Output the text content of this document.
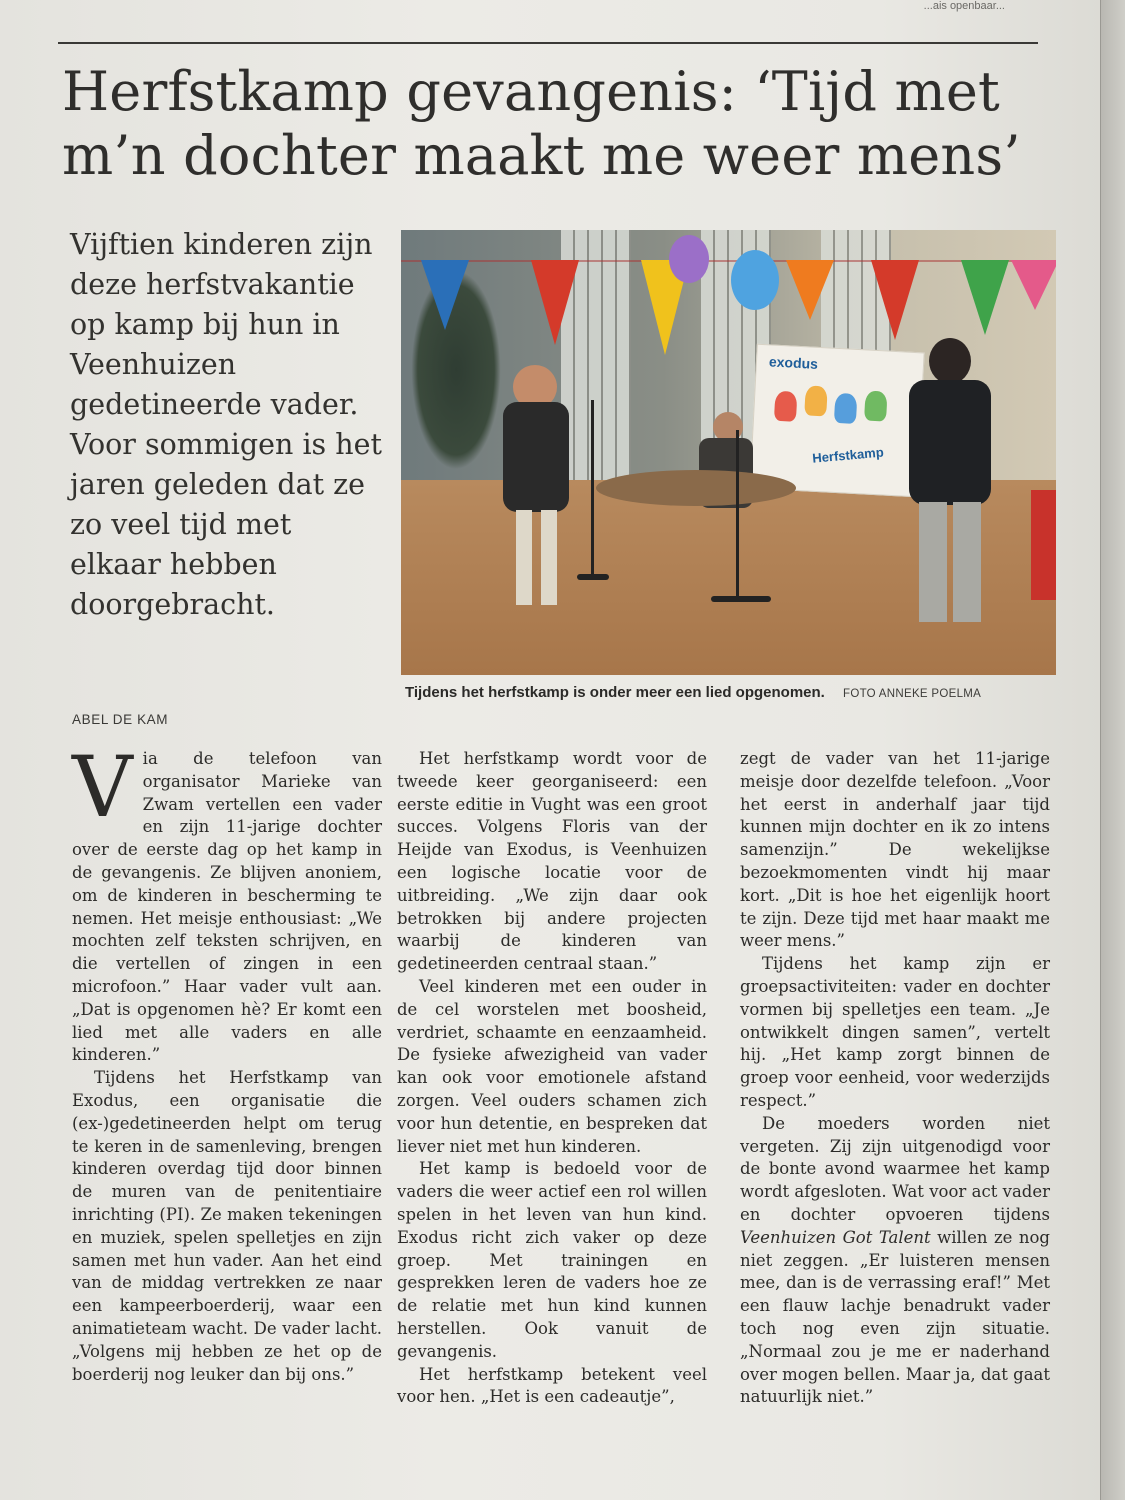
...ais openbaar...
Herfstkamp gevangenis: ‘Tijd met m’n dochter maakt me weer mens’
Vijftien kinderen zijn deze herfstvakantie op kamp bij hun in Veenhuizen gedetineerde vader. Voor sommigen is het jaren geleden dat ze zo veel tijd met elkaar hebben doorgebracht.
exodus
Herfstkamp
Tijdens het herfstkamp is onder meer een lied opgenomen. FOTO ANNEKE POELMA
ABEL DE KAM

Via de telefoon van organisator Marieke van Zwam vertellen een vader en zijn 11-jarige dochter over de eerste dag op het kamp in de gevangenis. Ze blijven anoniem, om de kinderen in bescherming te nemen. Het meisje enthousiast: „We mochten zelf teksten schrijven, en die vertellen of zingen in een microfoon.” Haar vader vult aan. „Dat is opgenomen hè? Er komt een lied met alle vaders en alle kinderen.”

Tijdens het Herfstkamp van Exodus, een organisatie die (ex-)gedetineerden helpt om terug te keren in de samenleving, brengen kinderen overdag tijd door binnen de muren van de penitentiaire inrichting (PI). Ze maken tekeningen en muziek, spelen spelletjes en zijn samen met hun vader. Aan het eind van de middag vertrekken ze naar een kampeerboerderij, waar een animatieteam wacht. De vader lacht. „Volgens mij hebben ze het op de boerderij nog leuker dan bij ons.”

Het herfstkamp wordt voor de tweede keer georganiseerd: een eerste editie in Vught was een groot succes. Volgens Floris van der Heijde van Exodus, is Veenhuizen een logische locatie voor de uitbreiding. „We zijn daar ook betrokken bij andere projecten waarbij de kinderen van gedetineerden centraal staan.”

Veel kinderen met een ouder in de cel worstelen met boosheid, verdriet, schaamte en eenzaamheid. De fysieke afwezigheid van vader kan ook voor emotionele afstand zorgen. Veel ouders schamen zich voor hun detentie, en bespreken dat liever niet met hun kinderen.

Het kamp is bedoeld voor de vaders die weer actief een rol willen spelen in het leven van hun kind. Exodus richt zich vaker op deze groep. Met trainingen en gesprekken leren de vaders hoe ze de relatie met hun kind kunnen herstellen. Ook vanuit de gevangenis.

Het herfstkamp betekent veel voor hen. „Het is een cadeautje”,

zegt de vader van het 11-jarige meisje door dezelfde telefoon. „Voor het eerst in anderhalf jaar tijd kunnen mijn dochter en ik zo intens samenzijn.” De wekelijkse bezoekmomenten vindt hij maar kort. „Dit is hoe het eigenlijk hoort te zijn. Deze tijd met haar maakt me weer mens.”

Tijdens het kamp zijn er groepsactiviteiten: vader en dochter vormen bij spelletjes een team. „Je ontwikkelt dingen samen”, vertelt hij. „Het kamp zorgt binnen de groep voor eenheid, voor wederzijds respect.”

De moeders worden niet vergeten. Zij zijn uitgenodigd voor de bonte avond waarmee het kamp wordt afgesloten. Wat voor act vader en dochter opvoeren tijdens Veenhuizen Got Talent willen ze nog niet zeggen. „Er luisteren mensen mee, dan is de verrassing eraf!” Met een flauw lachje benadrukt vader toch nog even zijn situatie. „Normaal zou je me er naderhand over mogen bellen. Maar ja, dat gaat natuurlijk niet.”
